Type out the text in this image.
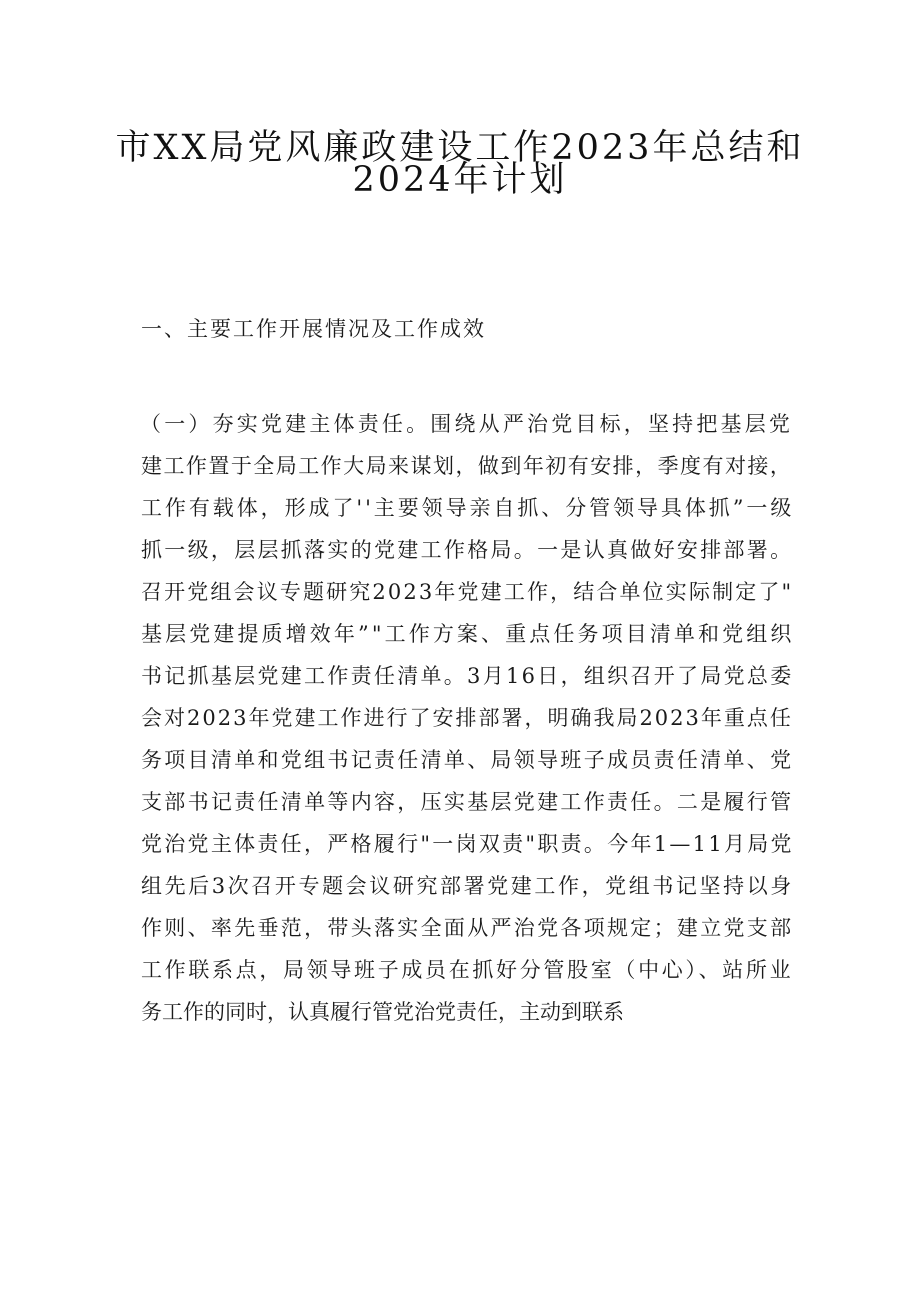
市XX局党风廉政建设工作2023年总结和
2024年计划
一、主要工作开展情况及工作成效
（一）夯实党建主体责任。围绕从严治党目标，坚持把基层党
建工作置于全局工作大局来谋划，做到年初有安排，季度有对接，
工作有载体，形成了''主要领导亲自抓、分管领导具体抓”一级
抓一级，层层抓落实的党建工作格局。一是认真做好安排部署。
召开党组会议专题研究2023年党建工作，结合单位实际制定了"
基层党建提质增效年”"工作方案、重点任务项目清单和党组织
书记抓基层党建工作责任清单。3月16日，组织召开了局党总委
会对2023年党建工作进行了安排部署，明确我局2023年重点任
务项目清单和党组书记责任清单、局领导班子成员责任清单、党
支部书记责任清单等内容，压实基层党建工作责任。二是履行管
党治党主体责任，严格履行"一岗双责"职责。今年1—11月局党
组先后3次召开专题会议研究部署党建工作，党组书记坚持以身
作则、率先垂范，带头落实全面从严治党各项规定；建立党支部
工作联系点，局领导班子成员在抓好分管股室（中心）、站所业
务工作的同时，认真履行管党治党责任，主动到联系
